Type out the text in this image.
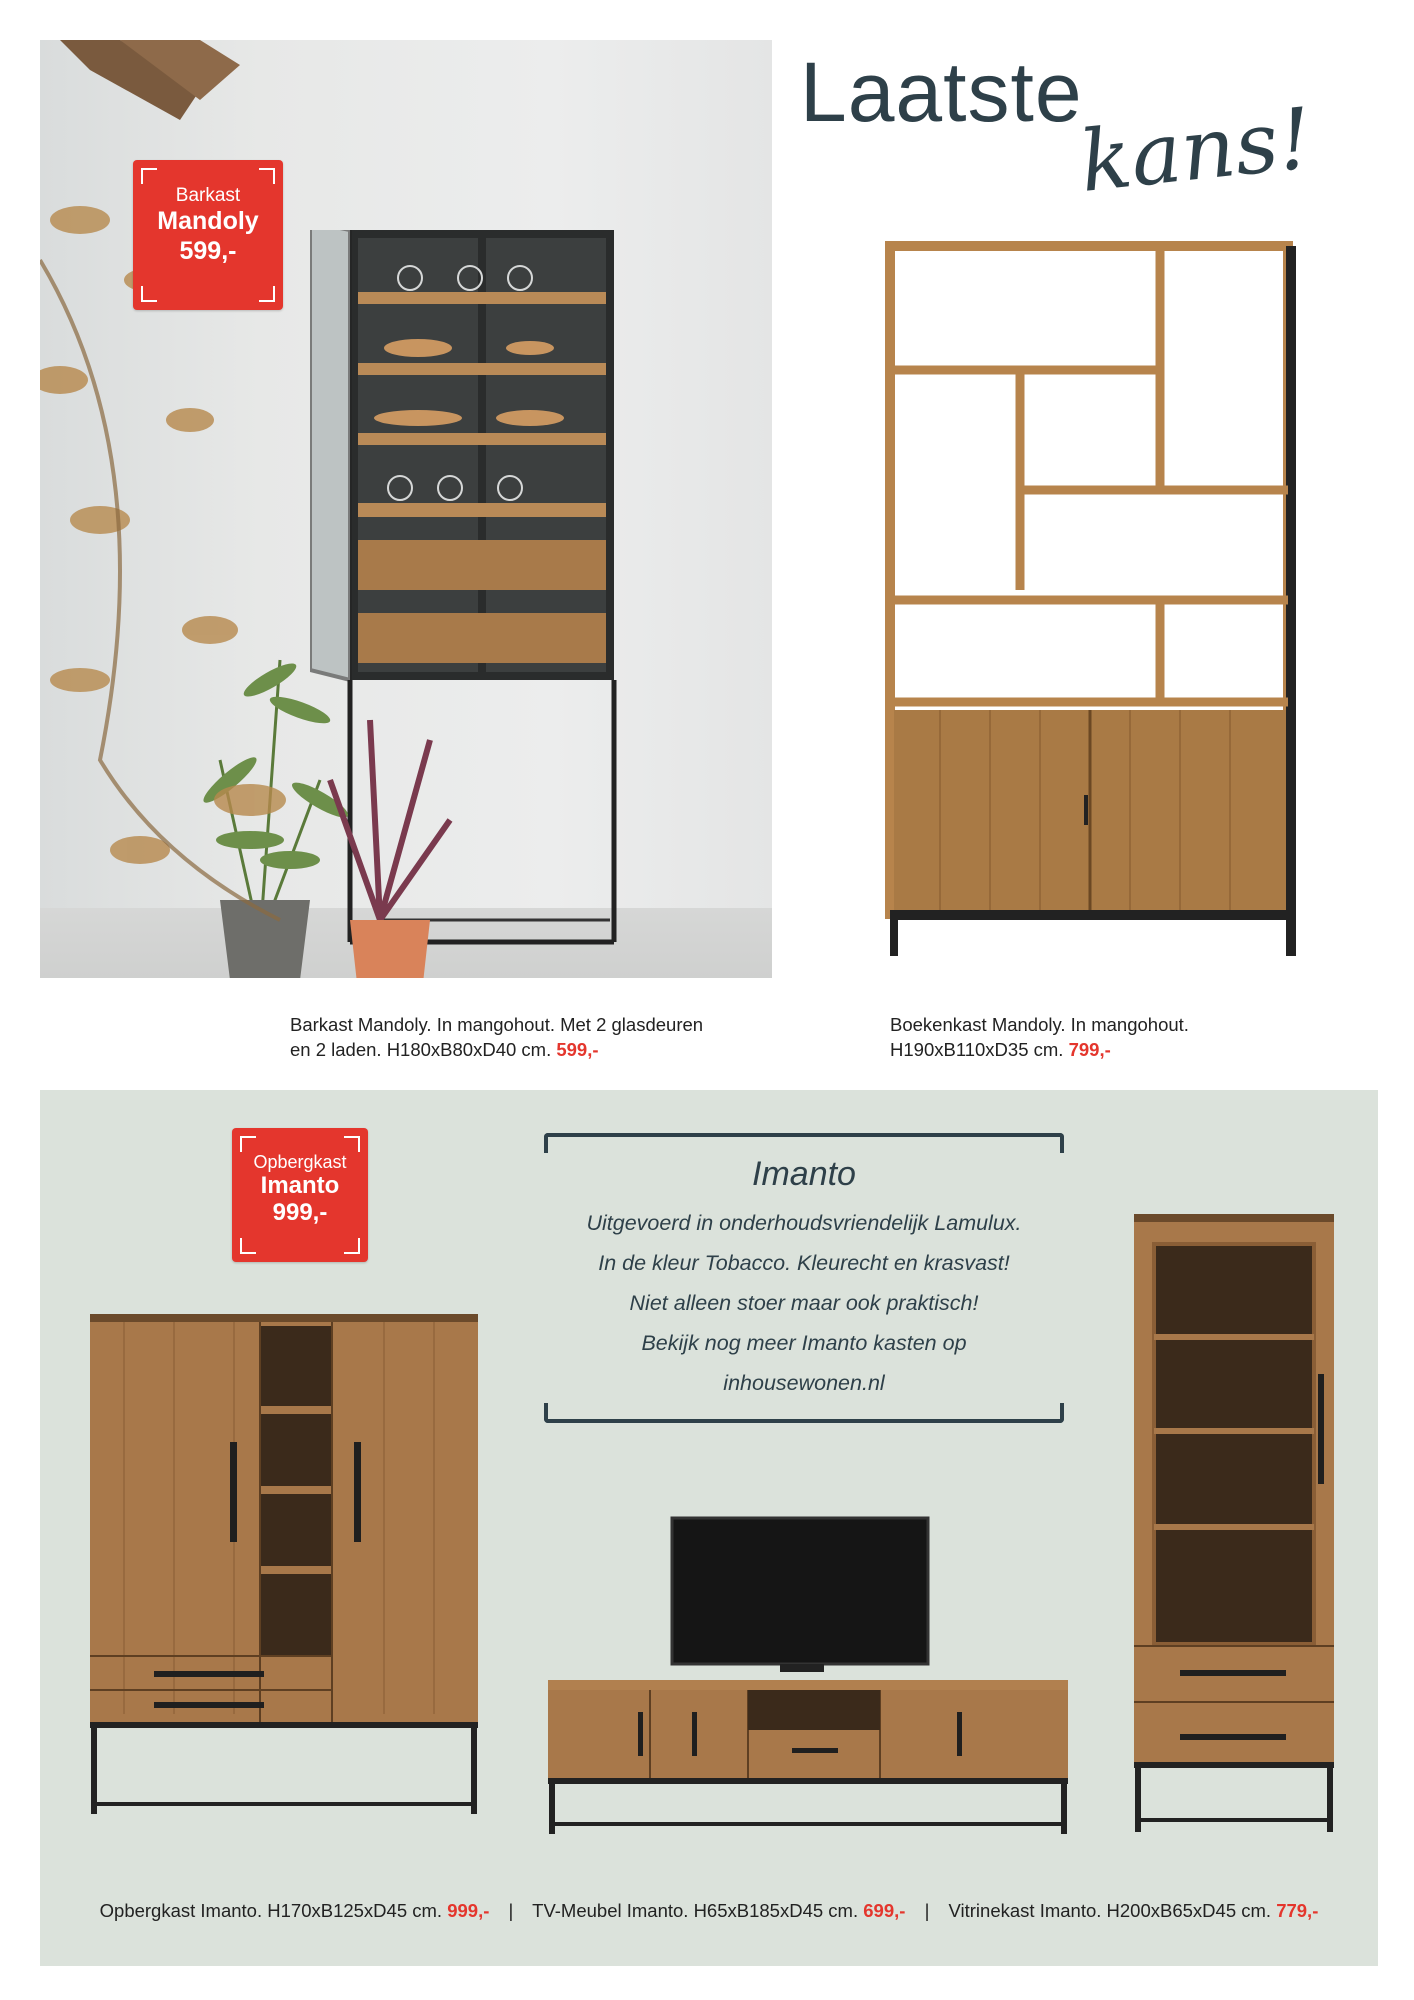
Barkast
Mandoly
599,-
Laatste
kans!
Barkast Mandoly. In mangohout. Met 2 glasdeuren
en 2 laden. H180xB80xD40 cm. 599,-
Boekenkast Mandoly. In mangohout.
H190xB110xD35 cm. 799,-
Opbergkast
Imanto
999,-
Imanto
Uitgevoerd in onderhoudsvriendelijk Lamulux.
In de kleur Tobacco. Kleurecht en krasvast!
Niet alleen stoer maar ook praktisch!
Bekijk nog meer Imanto kasten op
inhousewonen.nl
Opbergkast Imanto. H170xB125xD45 cm. 999,- | TV-Meubel Imanto. H65xB185xD45 cm. 699,- | Vitrinekast Imanto. H200xB65xD45 cm. 779,-
